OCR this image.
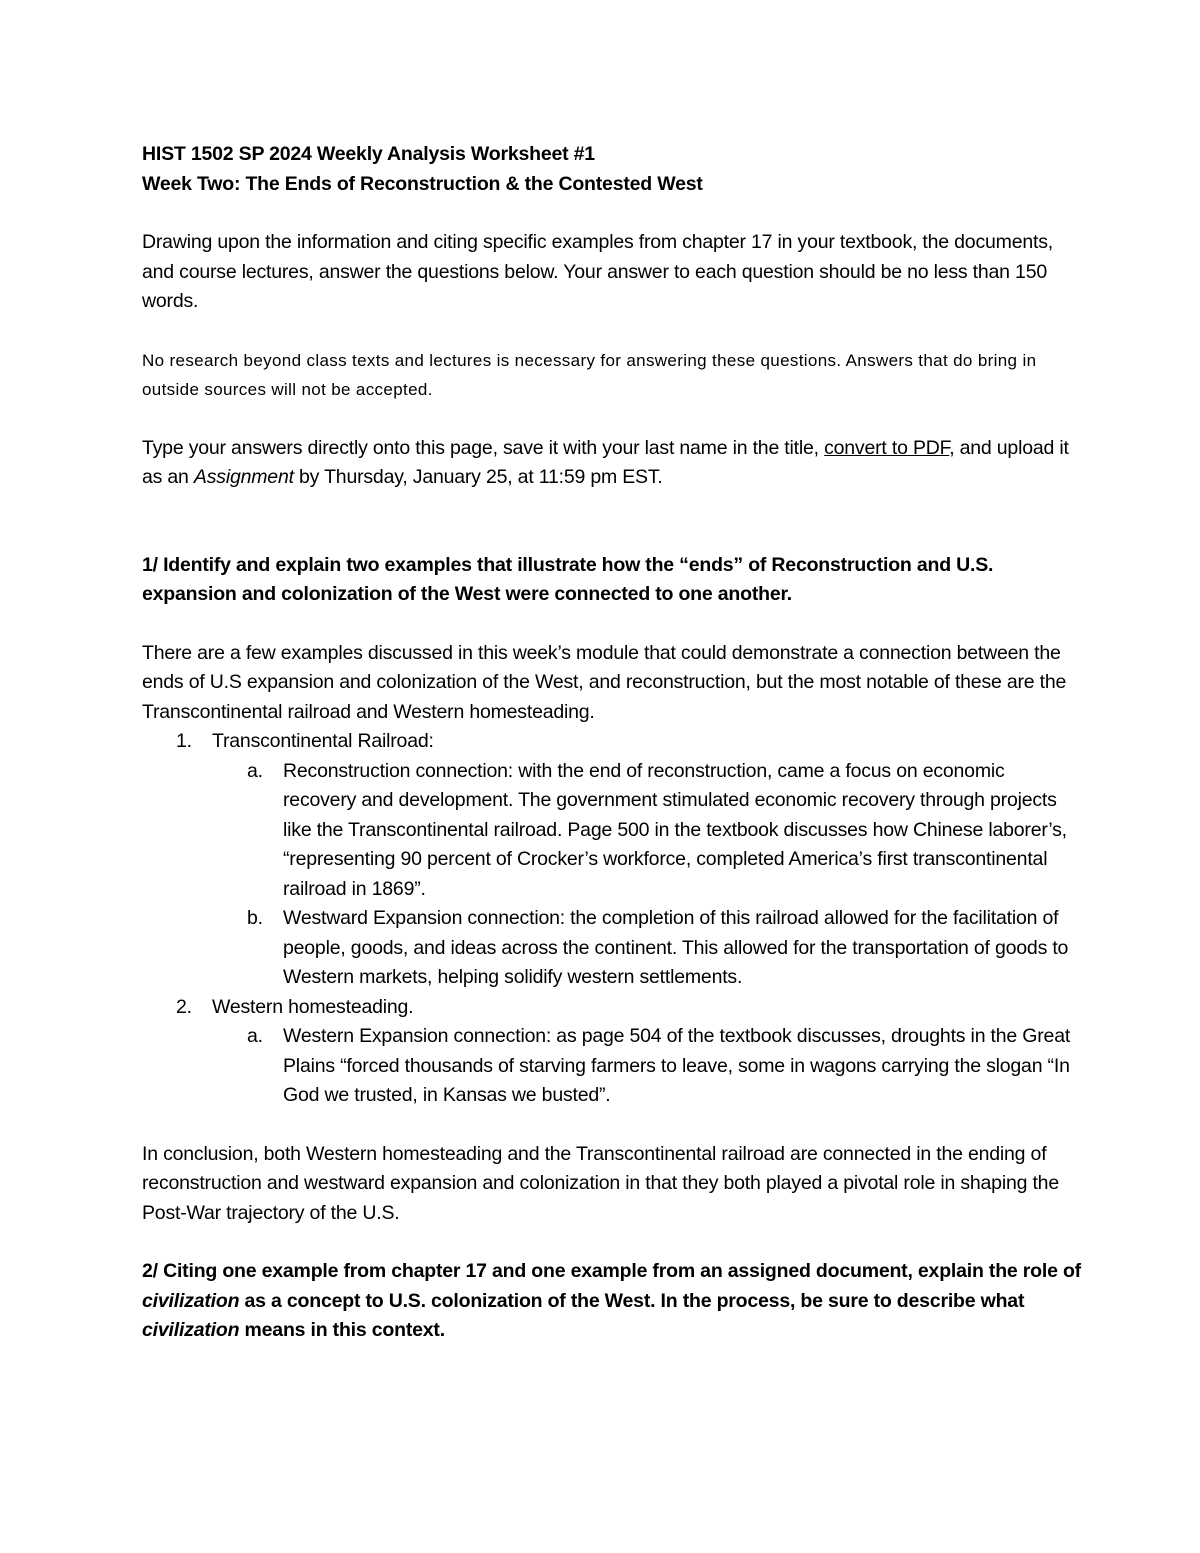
HIST 1502 SP 2024 Weekly Analysis Worksheet #1

Week Two: The Ends of Reconstruction & the Contested West

Drawing upon the information and citing specific examples from chapter 17 in your textbook, the documents, and course lectures, answer the questions below. Your answer to each question should be no less than 150 words.

No research beyond class texts and lectures is necessary for answering these questions. Answers that do bring in outside sources will not be accepted.

Type your answers directly onto this page, save it with your last name in the title, convert to PDF, and upload it as an Assignment by Thursday, January 25, at 11:59 pm EST.

1/ Identify and explain two examples that illustrate how the “ends” of Reconstruction and U.S. expansion and colonization of the West were connected to one another.

There are a few examples discussed in this week’s module that could demonstrate a connection between the ends of U.S expansion and colonization of the West, and reconstruction, but the most notable of these are the Transcontinental railroad and Western homesteading.

1. Transcontinental Railroad:
a. Reconstruction connection: with the end of reconstruction, came a focus on economic recovery and development. The government stimulated economic recovery through projects like the Transcontinental railroad. Page 500 in the textbook discusses how Chinese laborer’s, “representing 90 percent of Crocker’s workforce, completed America’s first transcontinental railroad in 1869”.
b. Westward Expansion connection: the completion of this railroad allowed for the facilitation of people, goods, and ideas across the continent. This allowed for the transportation of goods to Western markets, helping solidify western settlements.
2. Western homesteading.
a. Western Expansion connection: as page 504 of the textbook discusses, droughts in the Great Plains “forced thousands of starving farmers to leave, some in wagons carrying the slogan “In God we trusted, in Kansas we busted”.

In conclusion, both Western homesteading and the Transcontinental railroad are connected in the ending of reconstruction and westward expansion and colonization in that they both played a pivotal role in shaping the Post-War trajectory of the U.S.

2/ Citing one example from chapter 17 and one example from an assigned document, explain the role of civilization as a concept to U.S. colonization of the West. In the process, be sure to describe what civilization means in this context.
